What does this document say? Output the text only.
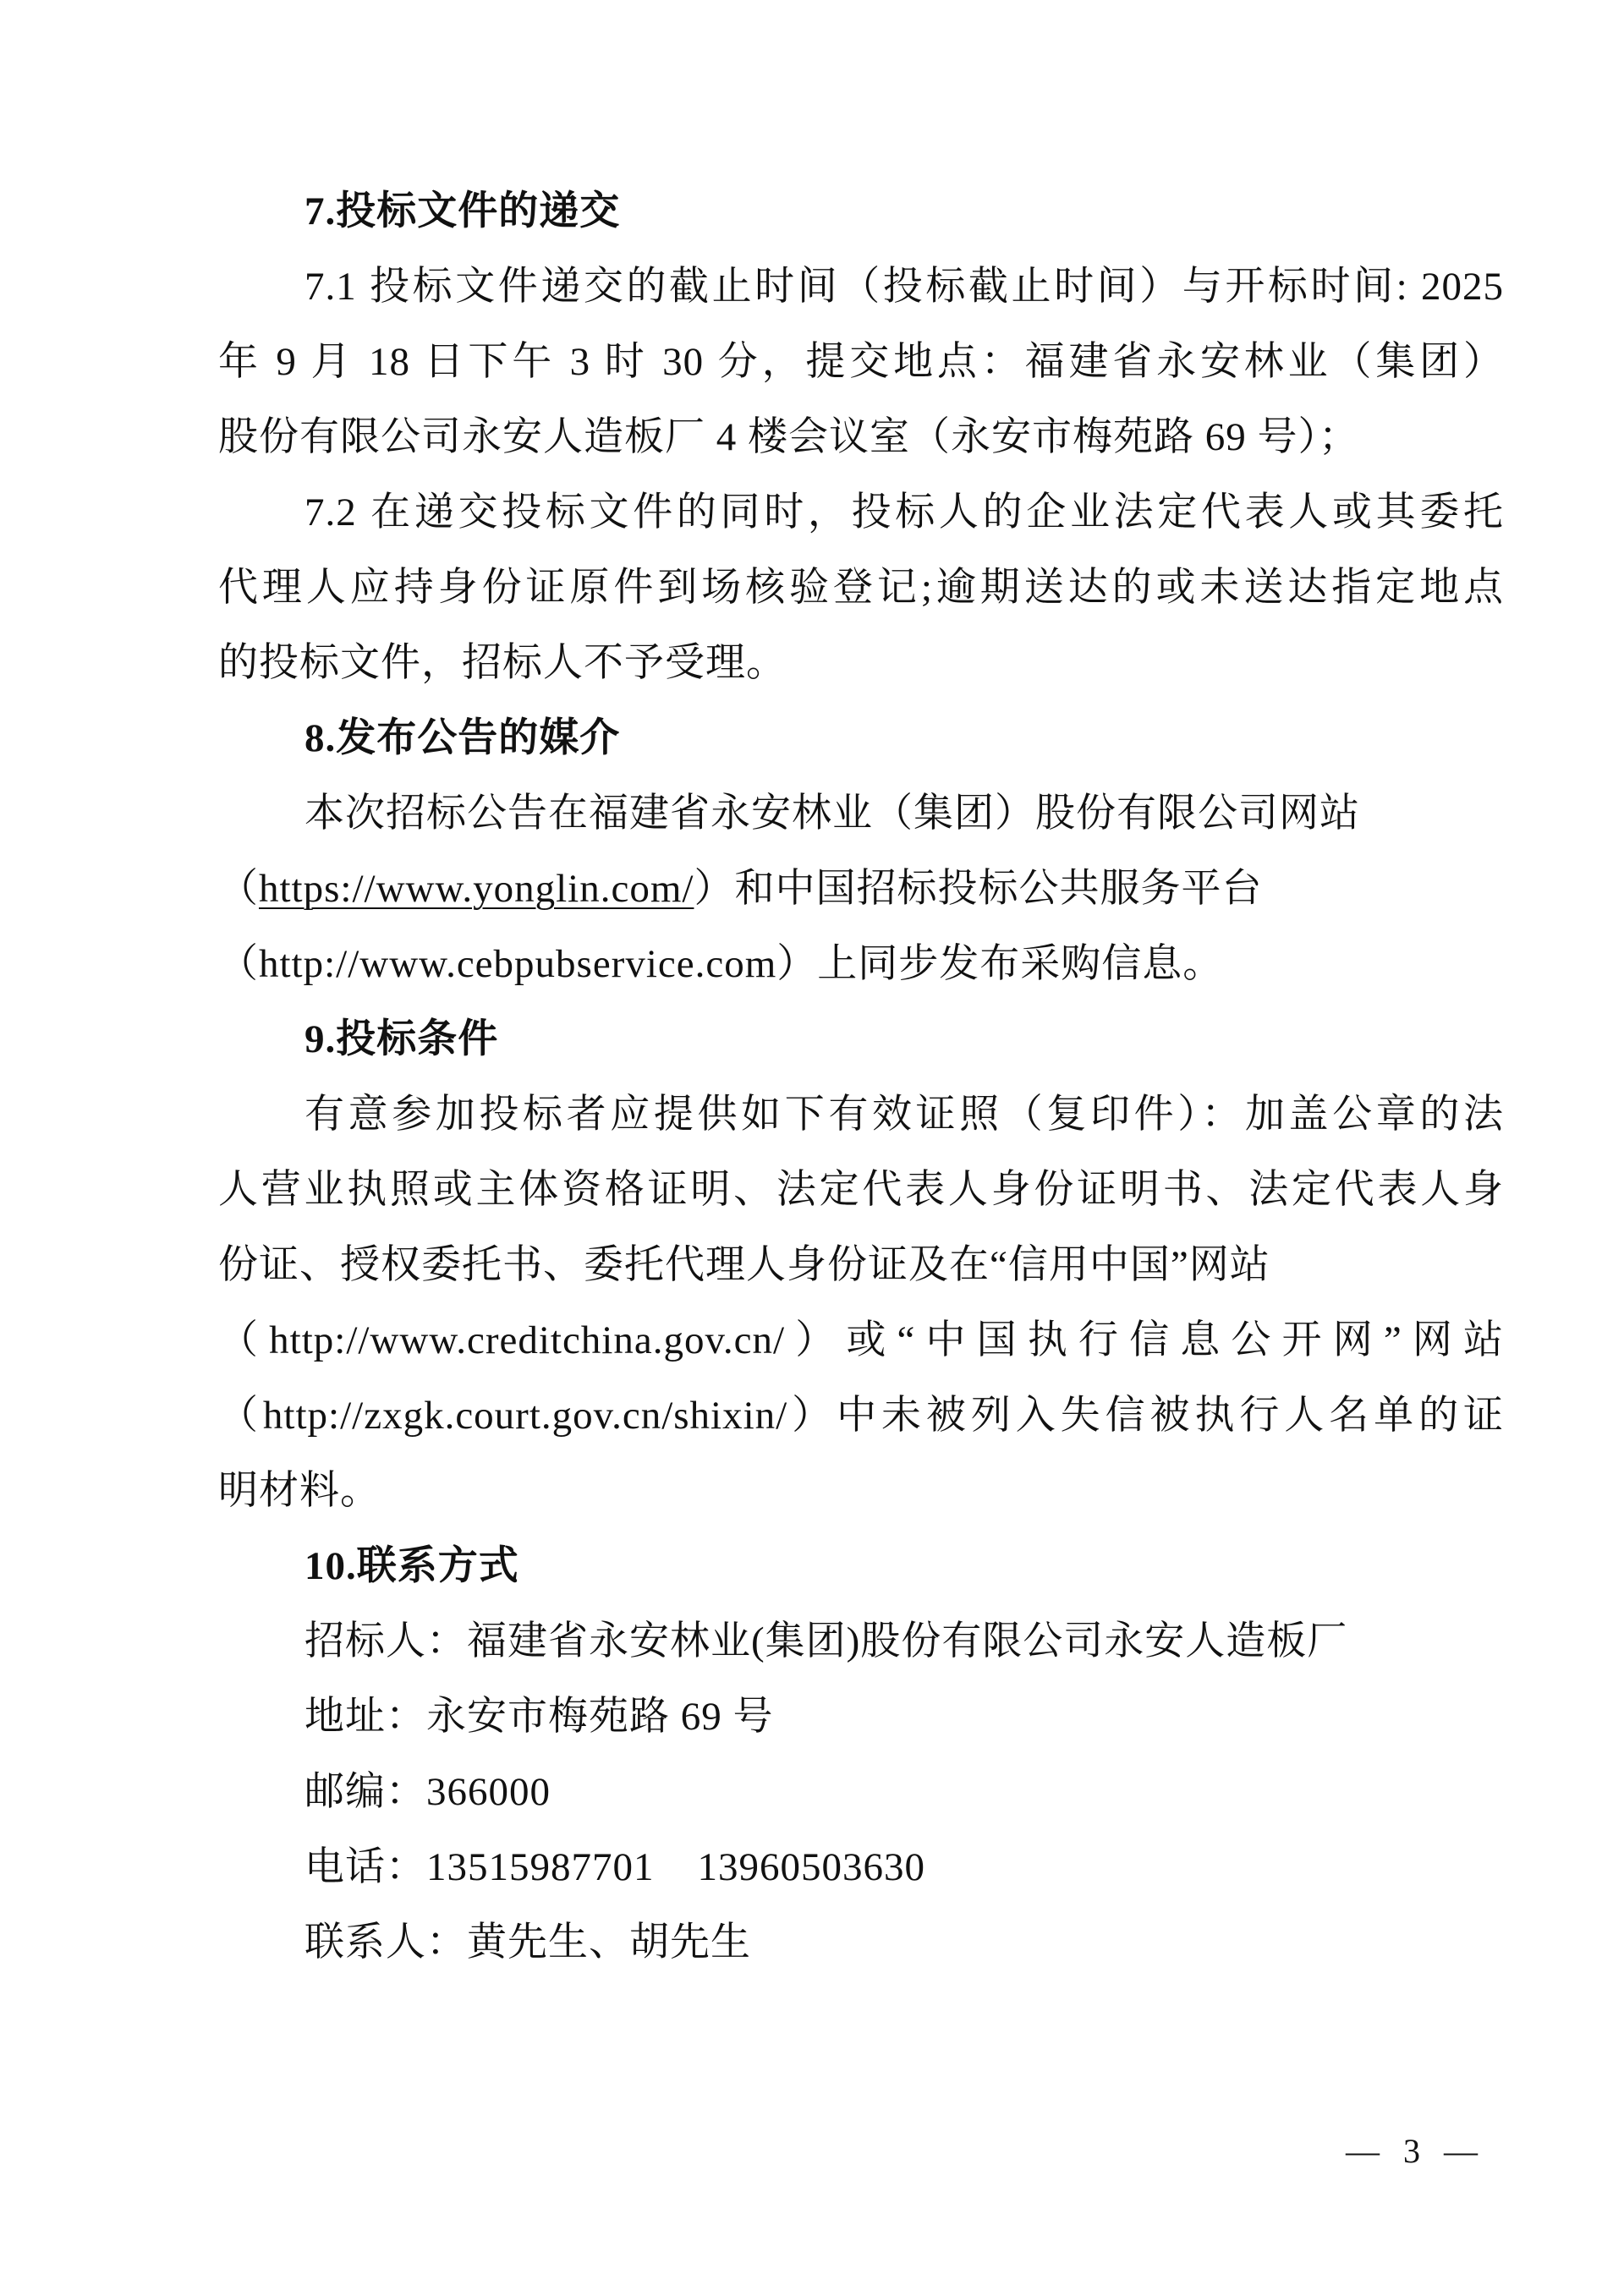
7.投标文件的递交
7.1 投标文件递交的截止时间（投标截止时间）与开标时间: 2025
年 9 月 18 日下午 3 时 30 分，提交地点：福建省永安林业（集团）
股份有限公司永安人造板厂 4 楼会议室（永安市梅苑路 69 号）；
7.2 在递交投标文件的同时，投标人的企业法定代表人或其委托
代理人应持身份证原件到场核验登记;逾期送达的或未送达指定地点
的投标文件，招标人不予受理。
8.发布公告的媒介
本次招标公告在福建省永安林业（集团）股份有限公司网站
（https://www.yonglin.com/）和中国招标投标公共服务平台
（http://www.cebpubservice.com）上同步发布采购信息。
9.投标条件
有意参加投标者应提供如下有效证照（复印件）：加盖公章的法
人营业执照或主体资格证明、法定代表人身份证明书、法定代表人身
份证、授权委托书、委托代理人身份证及在“信用中国”网站
（http://www.creditchina.gov.cn/）或“中国执行信息公开网”网站
（http://zxgk.court.gov.cn/shixin/）中未被列入失信被执行人名单的证
明材料。
10.联系方式
招标人：福建省永安林业(集团)股份有限公司永安人造板厂
地址：永安市梅苑路 69 号
邮编：366000
电话：13515987701    13960503630
联系人：黄先生、胡先生
— 3 —
